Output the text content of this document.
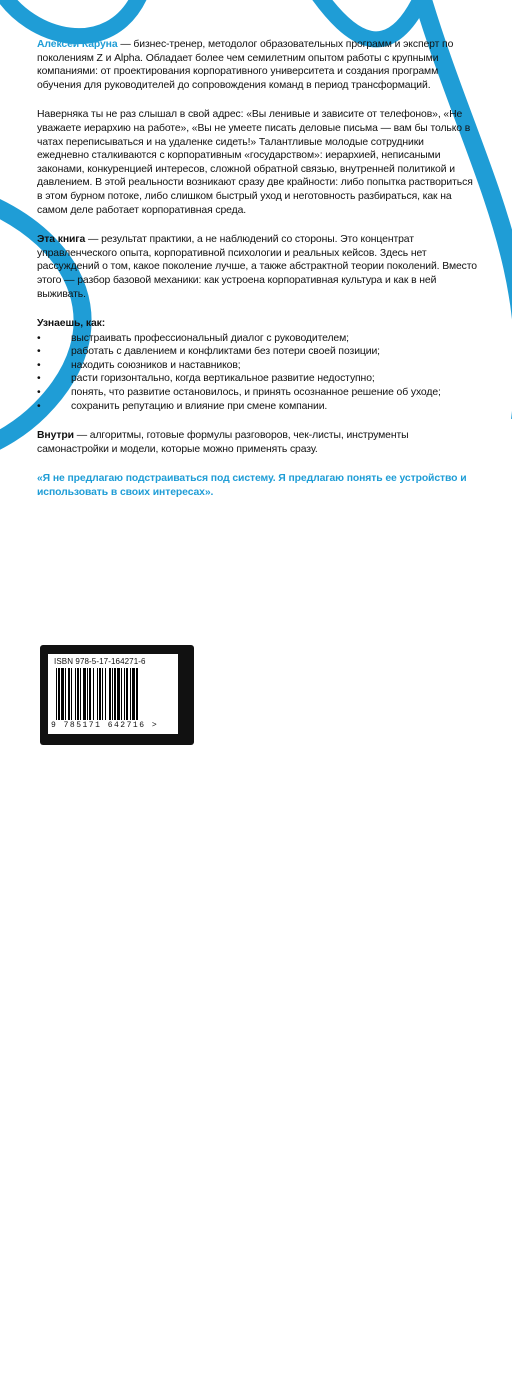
Алексей Каруна — бизнес-тренер, методолог образовательных программ и эксперт по поколениям Z и Alpha. Обладает более чем семилетним опытом работы с крупными компаниями: от проектирования корпоративного университета и создания программ обучения для руководителей до сопровождения команд в период трансформаций.

Наверняка ты не раз слышал в свой адрес: «Вы ленивые и зависите от телефонов», «Не уважаете иерархию на работе», «Вы не умеете писать деловые письма — вам бы только в чатах переписываться и на удаленке сидеть!» Талантливые молодые сотрудники ежедневно сталкиваются с корпоративным «государством»: иерархией, неписаными законами, конкуренцией интересов, сложной обратной связью, внутренней политикой и давлением. В этой реальности возникают сразу две крайности: либо попытка раствориться в этом бурном потоке, либо слишком быстрый уход и неготовность разбираться, как на самом деле работает корпоративная среда.

Эта книга — результат практики, а не наблюдений со стороны. Это концентрат управленческого опыта, корпоративной психологии и реальных кейсов. Здесь нет рассуждений о том, какое поколение лучше, а также абстрактной теории поколений. Вместо этого — разбор базовой механики: как устроена корпоративная культура и как в ней выживать.

Узнаешь, как:

• выстраивать профессиональный диалог с руководителем;
• работать с давлением и конфликтами без потери своей позиции;
• находить союзников и наставников;
• расти горизонтально, когда вертикальное развитие недоступно;
• понять, что развитие остановилось, и принять осознанное решение об уходе;
• сохранить репутацию и влияние при смене компании.

Внутри — алгоритмы, готовые формулы разговоров, чек-листы, инструменты самонастройки и модели, которые можно применять сразу.

«Я не предлагаю подстраиваться под систему. Я предлагаю понять ее устройство и использовать в своих интересах».

ISBN 978-5-17-164271-6
9 785171 642716 >
БОМБОРАНИКИ!
